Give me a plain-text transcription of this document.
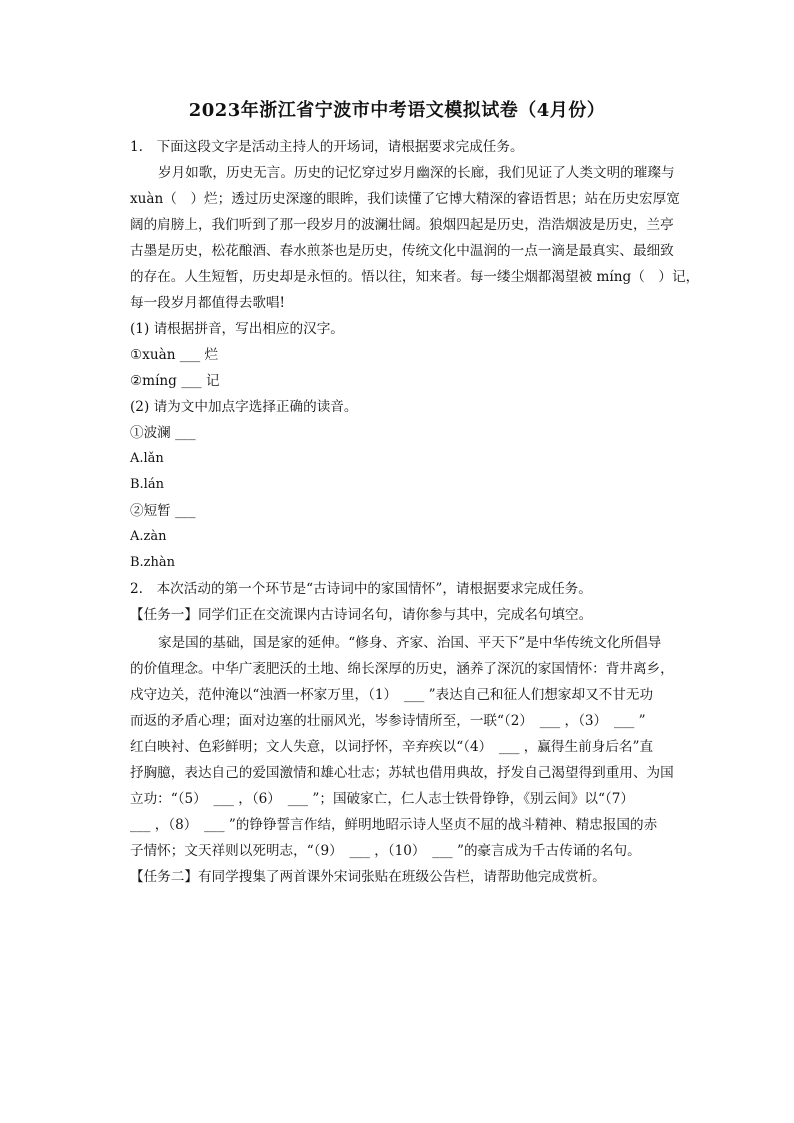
2023年浙江省宁波市中考语文模拟试卷（4月份）
1.　下面这段文字是活动主持人的开场词，请根据要求完成任务。
岁月如歌，历史无言。历史的记忆穿过岁月幽深的长廊，我们见证了人类文明的璀璨与
xuàn（　）烂；透过历史深邃的眼眸，我们读懂了它博大精深的睿语哲思；站在历史宏厚宽
阔的肩膀上，我们听到了那一段岁月的波澜壮阔。狼烟四起是历史，浩浩烟波是历史，兰亭
古墨是历史，松花酿酒、春水煎茶也是历史，传统文化中温润的一点一滴是最真实、最细致
的存在。人生短暂，历史却是永恒的。悟以往，知来者。每一缕尘烟都渴望被 míng（　）记，
每一段岁月都值得去歌唱!
(1) 请根据拼音，写出相应的汉字。
①xuàn ___ 烂
②míng ___ 记
(2) 请为文中加点字选择正确的读音。
①波澜 ___
A.lǎn
B.lán
②短暂 ___
A.zàn
B.zhàn
2.　本次活动的第一个环节是“古诗词中的家国情怀”，请根据要求完成任务。
【任务一】同学们正在交流课内古诗词名句，请你参与其中，完成名句填空。
家是国的基础，国是家的延伸。“修身、齐家、治国、平天下”是中华传统文化所倡导
的价值理念。中华广袤肥沃的土地、绵长深厚的历史，涵养了深沉的家国情怀：背井离乡，
戍守边关，范仲淹以“浊酒一杯家万里，（1）　___ ”表达自己和征人们想家却又不甘无功
而返的矛盾心理；面对边塞的壮丽风光，岑参诗情所至，一联“（2）　___ ，（3）　___ ”
红白映衬、色彩鲜明；文人失意，以词抒怀，辛弃疾以“（4）　___ ，赢得生前身后名”直
抒胸臆，表达自己的爱国激情和雄心壮志；苏轼也借用典故，抒发自己渴望得到重用、为国
立功：“（5）　___ ，（6）　___ ”；国破家亡，仁人志士铁骨铮铮，《别云间》以“（7）
___ ，（8）　___ ”的铮铮誓言作结，鲜明地昭示诗人坚贞不屈的战斗精神、精忠报国的赤
子情怀；文天祥则以死明志，“（9）　___ ，（10）　___ ”的豪言成为千古传诵的名句。
【任务二】有同学搜集了两首课外宋词张贴在班级公告栏，请帮助他完成赏析。
